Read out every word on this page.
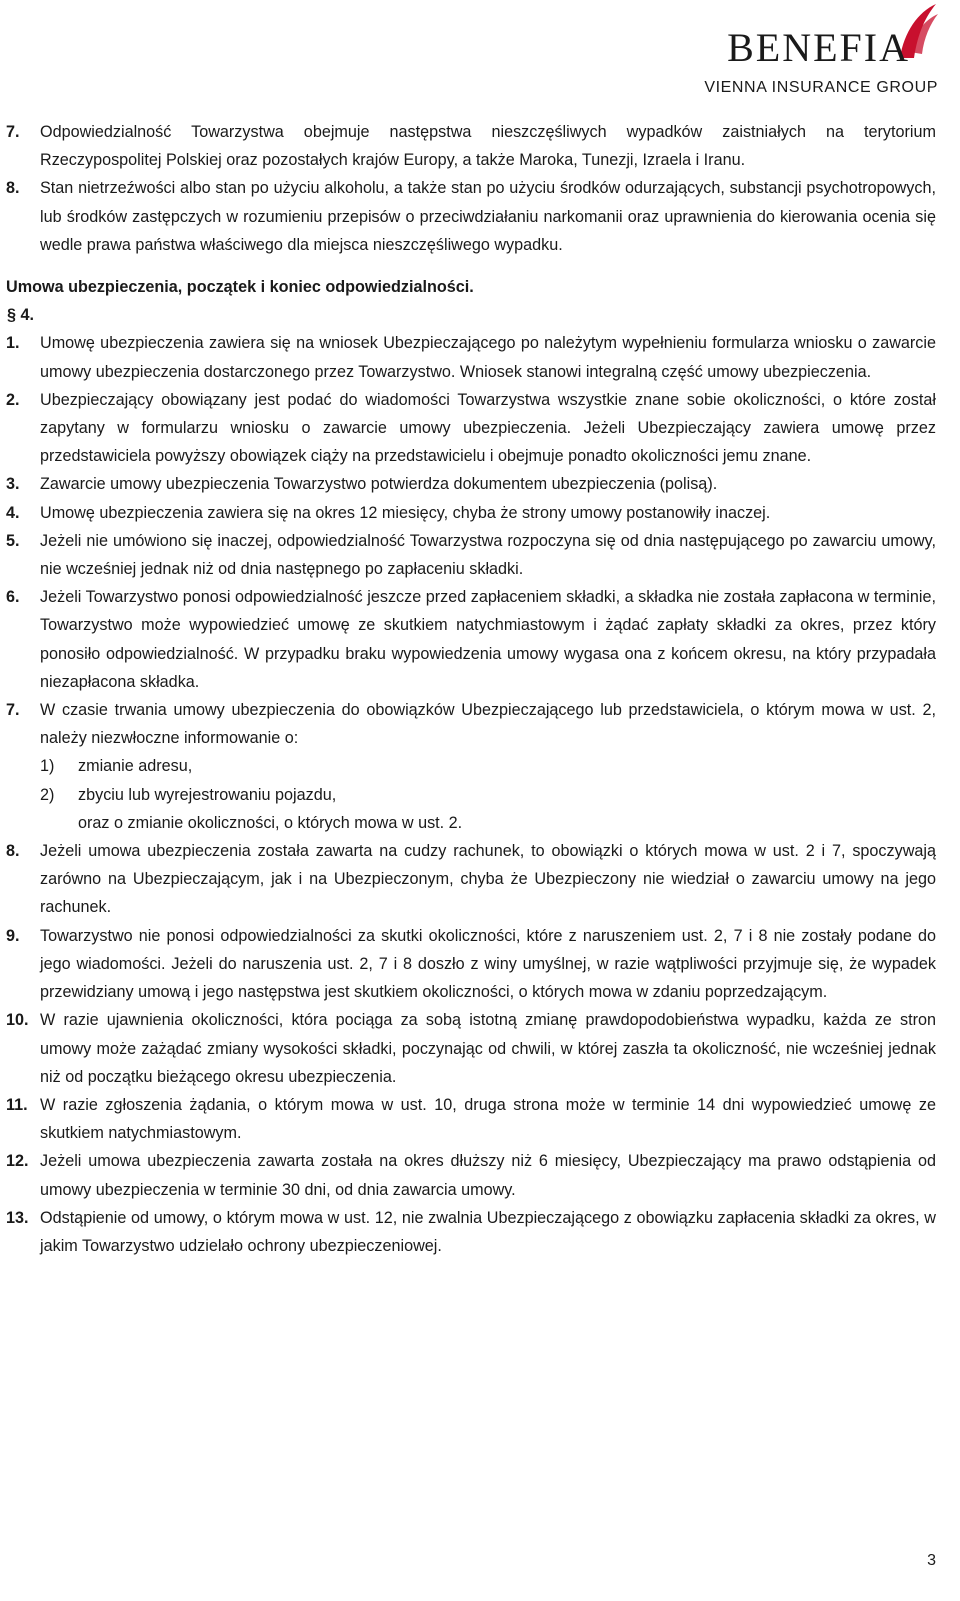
BENEFIA
VIENNA INSURANCE GROUP
7.	Odpowiedzialność Towarzystwa obejmuje następstwa nieszczęśliwych wypadków zaistniałych na terytorium Rzeczypospolitej Polskiej oraz pozostałych krajów Europy, a także Maroka, Tunezji, Izraela i Iranu.
8.	Stan nietrzeźwości albo stan po użyciu alkoholu, a także stan po użyciu środków odurzających, substancji psychotropowych, lub środków zastępczych w rozumieniu przepisów o przeciwdziałaniu narkomanii oraz uprawnienia do kierowania ocenia się wedle prawa państwa właściwego dla miejsca nieszczęśliwego wypadku.
Umowa ubezpieczenia, początek i koniec odpowiedzialności.
§ 4.
1.	Umowę ubezpieczenia zawiera się na wniosek Ubezpieczającego po należytym wypełnieniu formularza wniosku o zawarcie umowy ubezpieczenia dostarczonego przez Towarzystwo. Wniosek stanowi integralną część umowy ubezpieczenia.
2.	Ubezpieczający obowiązany jest podać do wiadomości Towarzystwa wszystkie znane sobie okoliczności, o które został zapytany w formularzu wniosku o zawarcie umowy ubezpieczenia. Jeżeli Ubezpieczający zawiera umowę przez przedstawiciela powyższy obowiązek ciąży na przedstawicielu i obejmuje ponadto okoliczności jemu znane.
3.	Zawarcie umowy ubezpieczenia Towarzystwo potwierdza dokumentem ubezpieczenia (polisą).
4.	Umowę ubezpieczenia zawiera się na okres 12 miesięcy, chyba że strony umowy postanowiły inaczej.
5.	Jeżeli nie umówiono się inaczej, odpowiedzialność Towarzystwa rozpoczyna się od dnia następującego po zawarciu umowy, nie wcześniej jednak niż od dnia następnego po zapłaceniu składki.
6.	Jeżeli Towarzystwo ponosi odpowiedzialność jeszcze przed zapłaceniem składki, a składka nie została zapłacona w terminie, Towarzystwo może wypowiedzieć umowę ze skutkiem natychmiastowym i żądać zapłaty składki za okres, przez który ponosiło odpowiedzialność. W przypadku braku wypowiedzenia umowy wygasa ona z końcem okresu, na który przypadała niezapłacona składka.
7.	W czasie trwania umowy ubezpieczenia do obowiązków Ubezpieczającego lub przedstawiciela, o którym mowa w ust. 2, należy niezwłoczne informowanie o:
1)	zmianie adresu,
2)	zbyciu lub wyrejestrowaniu pojazdu,
oraz o zmianie okoliczności, o których mowa w ust. 2.
8.	Jeżeli umowa ubezpieczenia została zawarta na cudzy rachunek, to obowiązki o których mowa w ust. 2 i 7, spoczywają zarówno na Ubezpieczającym, jak i na Ubezpieczonym, chyba że Ubezpieczony nie wiedział o zawarciu umowy na jego rachunek.
9.	Towarzystwo nie ponosi odpowiedzialności za skutki okoliczności, które z naruszeniem ust. 2, 7 i 8 nie zostały podane do jego wiadomości. Jeżeli do naruszenia ust. 2, 7 i 8 doszło z winy umyślnej, w razie wątpliwości przyjmuje się, że wypadek przewidziany umową i jego następstwa jest skutkiem okoliczności, o których mowa w zdaniu poprzedzającym.
10. W razie ujawnienia okoliczności, która pociąga za sobą istotną zmianę prawdopodobieństwa wypadku, każda ze stron umowy może zażądać zmiany wysokości składki, poczynając od chwili, w której zaszła ta okoliczność, nie wcześniej jednak niż od początku bieżącego okresu ubezpieczenia.
11. W razie zgłoszenia żądania, o którym mowa w ust. 10, druga strona może w terminie 14 dni wypowiedzieć umowę ze skutkiem natychmiastowym.
12. Jeżeli umowa ubezpieczenia zawarta została na okres dłuższy niż 6 miesięcy, Ubezpieczający ma prawo odstąpienia od umowy ubezpieczenia w terminie 30 dni, od dnia zawarcia umowy.
13. Odstąpienie od umowy, o którym mowa w ust. 12, nie zwalnia Ubezpieczającego z obowiązku zapłacenia składki za okres, w jakim Towarzystwo udzielało ochrony ubezpieczeniowej.
3
